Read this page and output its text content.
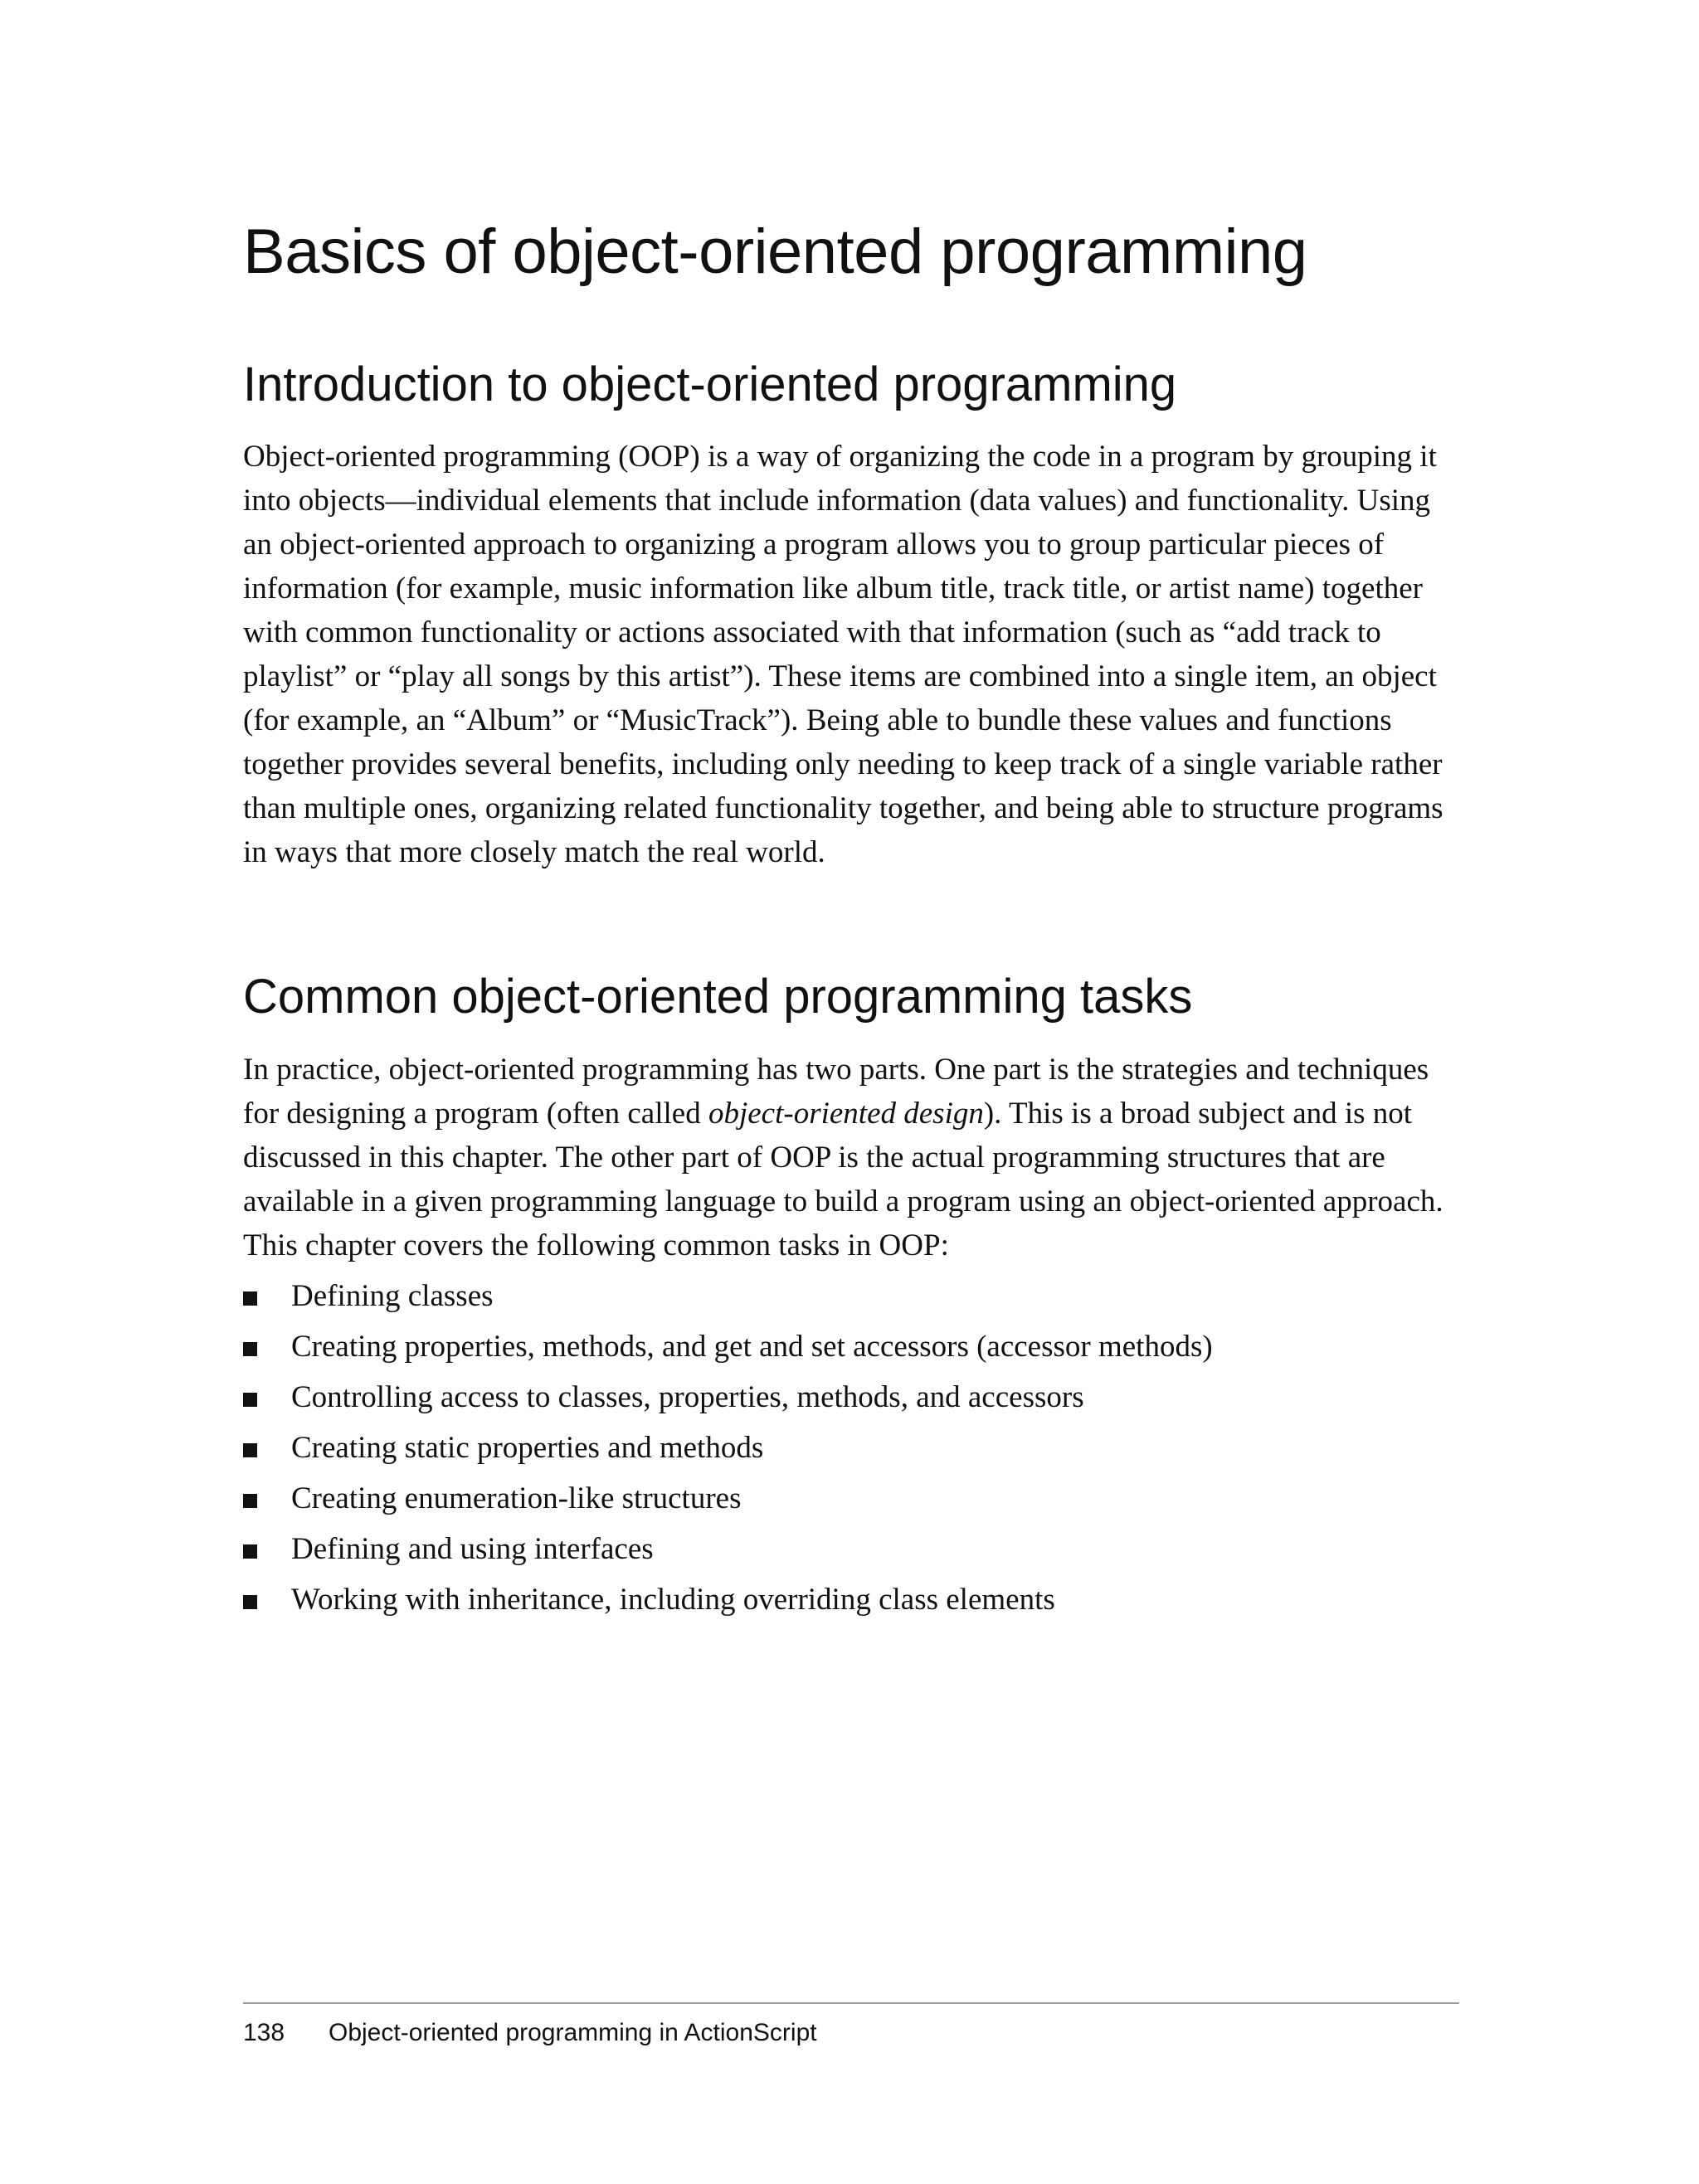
Basics of object-oriented programming
Introduction to object-oriented programming

Object-oriented programming (OOP) is a way of organizing the code in a program by grouping it into objects—individual elements that include information (data values) and functionality. Using an object-oriented approach to organizing a program allows you to group particular pieces of information (for example, music information like album title, track title, or artist name) together with common functionality or actions associated with that information (such as “add track to playlist” or “play all songs by this artist”). These items are combined into a single item, an object (for example, an “Album” or “MusicTrack”). Being able to bundle these values and functions together provides several benefits, including only needing to keep track of a single variable rather than multiple ones, organizing related functionality together, and being able to structure programs in ways that more closely match the real world.

Common object-oriented programming tasks

In practice, object-oriented programming has two parts. One part is the strategies and techniques for designing a program (often called object-oriented design). This is a broad subject and is not discussed in this chapter. The other part of OOP is the actual programming structures that are available in a given programming language to build a program using an object-oriented approach. This chapter covers the following common tasks in OOP:

Defining classes
Creating properties, methods, and get and set accessors (accessor methods)
Controlling access to classes, properties, methods, and accessors
Creating static properties and methods
Creating enumeration-like structures
Defining and using interfaces
Working with inheritance, including overriding class elements
138 Object-oriented programming in ActionScript
